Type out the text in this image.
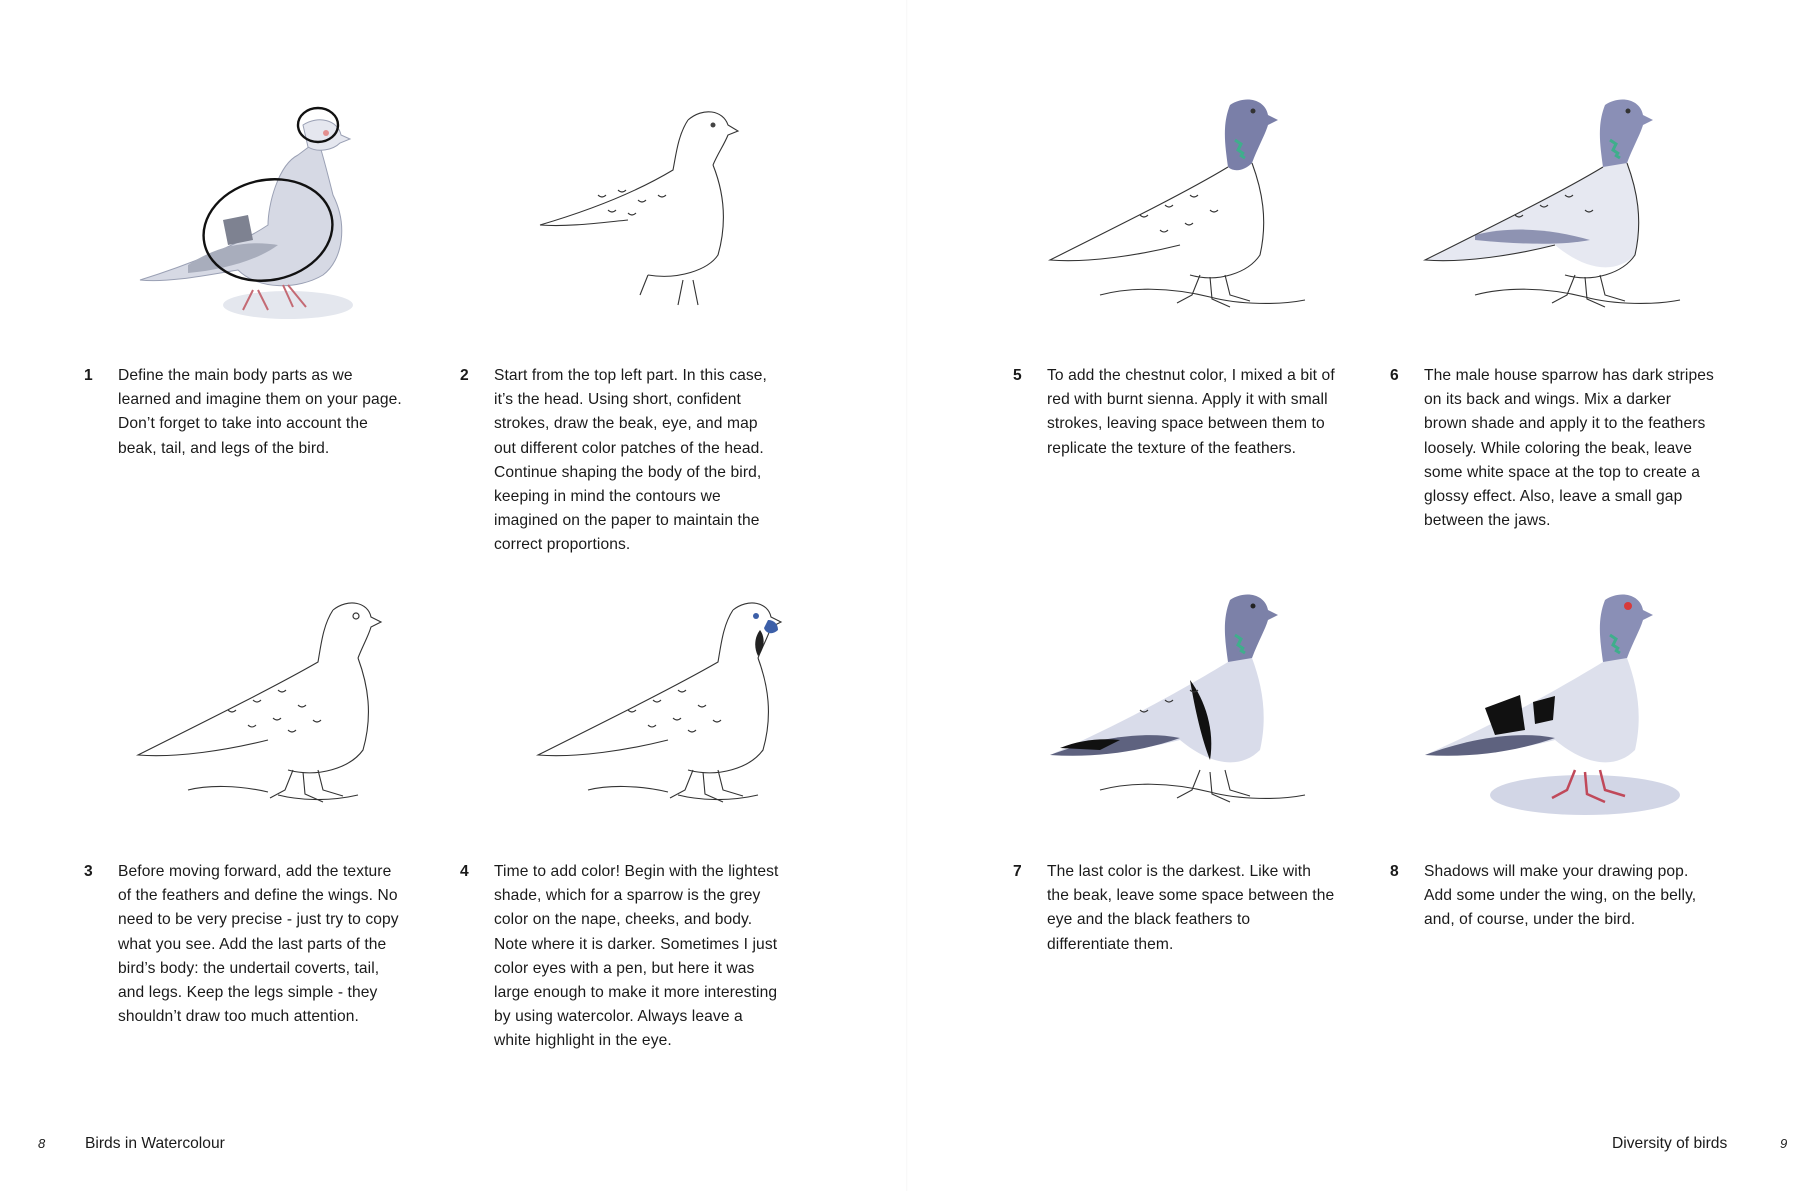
1	Define the main body parts as we learned and imagine them on your page. Don’t forget to take into account the beak, tail, and legs of the bird.
2	Start from the top left part. In this case, it’s the head. Using short, confident strokes, draw the beak, eye, and map out different color patches of the head. Continue shaping the body of the bird, keeping in mind the contours we imagined on the paper to maintain the correct proportions.
3	Before moving forward, add the texture of the feathers and define the wings. No need to be very precise - just try to copy what you see. Add the last parts of the bird’s body: the undertail coverts, tail, and legs. Keep the legs simple - they shouldn’t draw too much attention.
4	Time to add color! Begin with the lightest shade, which for a sparrow is the grey color on the nape, cheeks, and body. Note where it is darker. Sometimes I just color eyes with a pen, but here it was large enough to make it more interesting by using watercolor. Always leave a white highlight in the eye.
5	To add the chestnut color, I mixed a bit of red with burnt sienna. Apply it with small strokes, leaving space between them to replicate the texture of the feathers.
6	The male house sparrow has dark stripes on its back and wings. Mix a darker brown shade and apply it to the feathers loosely. While coloring the beak, leave some white space at the top to create a glossy effect. Also, leave a small gap between the jaws.
7	The last color is the darkest. Like with the beak, leave some space between the eye and the black feathers to differentiate them.
8	Shadows will make your drawing pop. Add some under the wing, on the belly, and, of course, under the bird.
8	Birds in Watercolour	Diversity of birds	9
